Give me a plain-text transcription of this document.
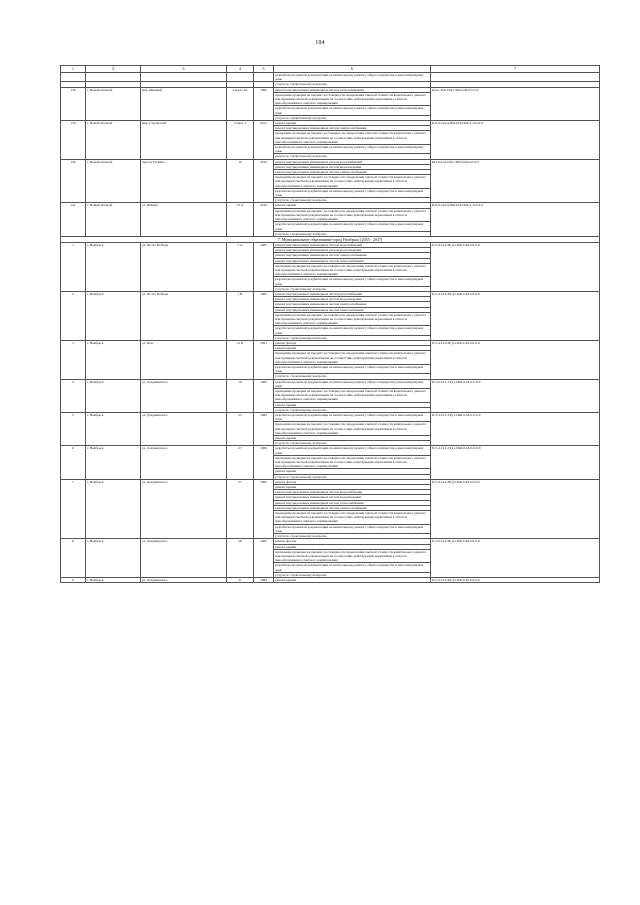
184
1	2	3	4	5	6	7
					разработка проектной документации на капитальному ремонту общего имущества в многоквартирном доме	
					услуги по строительному контролю	
138	г. Новый Уренгой	мкр. Мирный	3 корп. 3А	1990	ремонт внутридомовых инженерных систем теплоснабжения	Б-9-1-П-Б-ПД-СКБ-Л-М-0-0-0-0
					проведение проверки на предмет достоверности определения сметной стоимости капитального ремонта или проверки сметной документации на соответствие действующим нормативам в области ценообразования в сметного нормирования	
					разработка проектной документации на капитальному ремонту общего имущества в многоквартирном доме	
					услуги по строительному контролю	
139	г. Новый Уренгой	мкр. Строителей	7 корп. 2	2011	ремонт крыши	Б-6-0-С(пл)-ПФ-ПД-СКБ-Т-0-0-0-0
					ремонт внутридомовых инженерных систем электроснабжения	
					проведение проверки на предмет достоверности определения сметной стоимости капитального ремонта или проверки сметной документации на соответствие действующим нормативам в области ценообразования в сметного нормирования	
					разработка проектной документации на капитальному ремонту общего имущества в многоквартирном доме	
					услуги по строительному контролю	
140	г. Новый Уренгой	проезд Губкина	19	2016	ремонт внутридомовых инженерных систем водоснабжения	КП-9-4-П-0-П-СКБ-Д-М-0-0-0-0
					ремонт внутридомовых инженерных систем водоотведения	
					ремонт внутридомовых инженерных систем электроснабжения	
					проведение проверки на предмет достоверности определения сметной стоимости капитального ремонта или проверки сметной документации на соответствие действующим нормативам в области ценообразования в сметного нормирования	
					разработка проектной документации на капитальному ремонту общего имущества в многоквартирном доме	
					услуги по строительному контролю	
141	г. Новый Уренгой	ул. Южная	32 А	2016	ремонт крыши	Б-6-0-С(пл)-ПФ-ПД-СКБ-Т-0-0-0-0
					проведение проверки на предмет достоверности определения сметной стоимости капитального ремонта или проверки сметной документации на соответствие действующим нормативам в области ценообразования в сметного нормирования	
					разработка проектной документации на капитальному ремонту общего имущества в многоквартирном доме	
					услуги по строительному контролю	
7. Муниципальное образование город Ноябрьск (2035 - 2037)						
1	г. Ноябрьск	ул. 40 лет Победы	7 А	1987	ремонт внутридомовых инженерных систем водоснабжения	П-5-4-П-0-П(1)-СКБ-0-М-0-0-0-0
					ремонт внутридомовых инженерных систем водоотведения	
					ремонт внутридомовых инженерных систем электроснабжения	
					ремонт внутридомовых инженерных систем теплоснабжения	
					проведение проверки на предмет достоверности определения сметной стоимости капитального ремонта или проверки сметной документации на соответствие действующим нормативам в области ценообразования в сметного нормирования	
					разработка проектной документации на капитальному ремонту общего имущества в многоквартирном доме	
					услуги по строительному контролю	
2	г. Ноябрьск	ул. 40 лет Победы	1 Н	1987	ремонт внутридомовых инженерных систем водоснабжения	П-5-4-П-0-П(1)-СКБ-0-М-0-0-0-0
					ремонт внутридомовых инженерных систем водоотведения	
					ремонт внутридомовых инженерных систем электроснабжения	
					ремонт внутридомовых инженерных систем теплоснабжения	
					проведение проверки на предмет достоверности определения сметной стоимости капитального ремонта или проверки сметной документации на соответствие действующим нормативам в области ценообразования в сметного нормирования	
					разработка проектной документации на капитальному ремонту общего имущества в многоквартирном доме	
					услуги по строительному контролю	
3	г. Ноябрьск	ул. Цои	21 Б	1991	ремонт фасада	П-5-4-П-0-П(1)-СКБ-0-М-0-0-0-0
					ремонт крыши	
					проведение проверки на предмет достоверности определения сметной стоимости капитального ремонта или проверки сметной документации на соответствие действующим нормативам в области ценообразования в сметного нормирования	
					разработка проектной документации на капитальному ремонту общего имущества в многоквартирном доме	
					услуги по строительному контролю	
4	г. Ноябрьск	ул. Дзержинского	19	1982	разработка проектной документации на капитальному ремонту общего имущества в многоквартирном доме	П-5-0-П-С-П(1)-СКБ-0-М-0-0-0-0
					проведение проверки на предмет достоверности определения сметной стоимости капитального ремонта или проверки сметной документации на соответствие действующим нормативам в области ценообразования в сметного нормирования	
					ремонт крыши	
					услуги по строительному контролю	
5	г. Ноябрьск	ул. Дзержинского	23	1982	разработка проектной документации на капитальному ремонту общего имущества в многоквартирном доме	П-5-2-П-С-П(1)-СКБ-0-М-0-0-0-0
					проведение проверки на предмет достоверности определения сметной стоимости капитального ремонта или проверки сметной документации на соответствие действующим нормативам в области ценообразования в сметного нормирования	
					ремонт крыши	
					услуги по строительному контролю	
6	г. Ноябрьск	ул. Дзержинского	27	1984	разработка проектной документации на капитальному ремонту общего имущества в многоквартирном доме	П-5-2-П-С-П(1)-СКБ-0-М-0-0-0-0
					проведение проверки на предмет достоверности определения сметной стоимости капитального ремонта или проверки сметной документации на соответствие действующим нормативам в области ценообразования в сметного нормирования	
					ремонт крыши	
					услуги по строительному контролю	
7	г. Ноябрьск	ул. Дзержинского	27	1982	ремонт фасада	П-5-4-П-0-П(1)-СКБ-0-М-0-0-0-0
					ремонт крыши	
					ремонт внутридомовых инженерных систем водоснабжения	
					ремонт внутридомовых инженерных систем водоотведения	
					ремонт внутридомовых инженерных систем теплоснабжения	
					ремонт внутридомовых инженерных систем электроснабжения	
					проведение проверки на предмет достоверности определения сметной стоимости капитального ремонта или проверки сметной документации на соответствие действующим нормативам в области ценообразования в сметного нормирования	
					разработка проектной документации на капитальному ремонту общего имущества в многоквартирном доме	
					услуги по строительному контролю	
8	г. Ноябрьск	ул. Дзержинского	28	1982	ремонт фасада	П-5-0-П-0-П(1)-СКБ-0-М-0-0-0-0
					ремонт крыши	
					проведение проверки на предмет достоверности определения сметной стоимости капитального ремонта или проверки сметной документации на соответствие действующим нормативам в области ценообразования в сметного нормирования	
					разработка проектной документации на капитальному ремонту общего имущества в многоквартирном доме	
					услуги по строительному контролю	
9	г. Ноябрьск	ул. Дзержинского	31	1984	ремонт крыши	П-5-2-П-0-П(1)-СКБ-0-М-0-0-0-0
